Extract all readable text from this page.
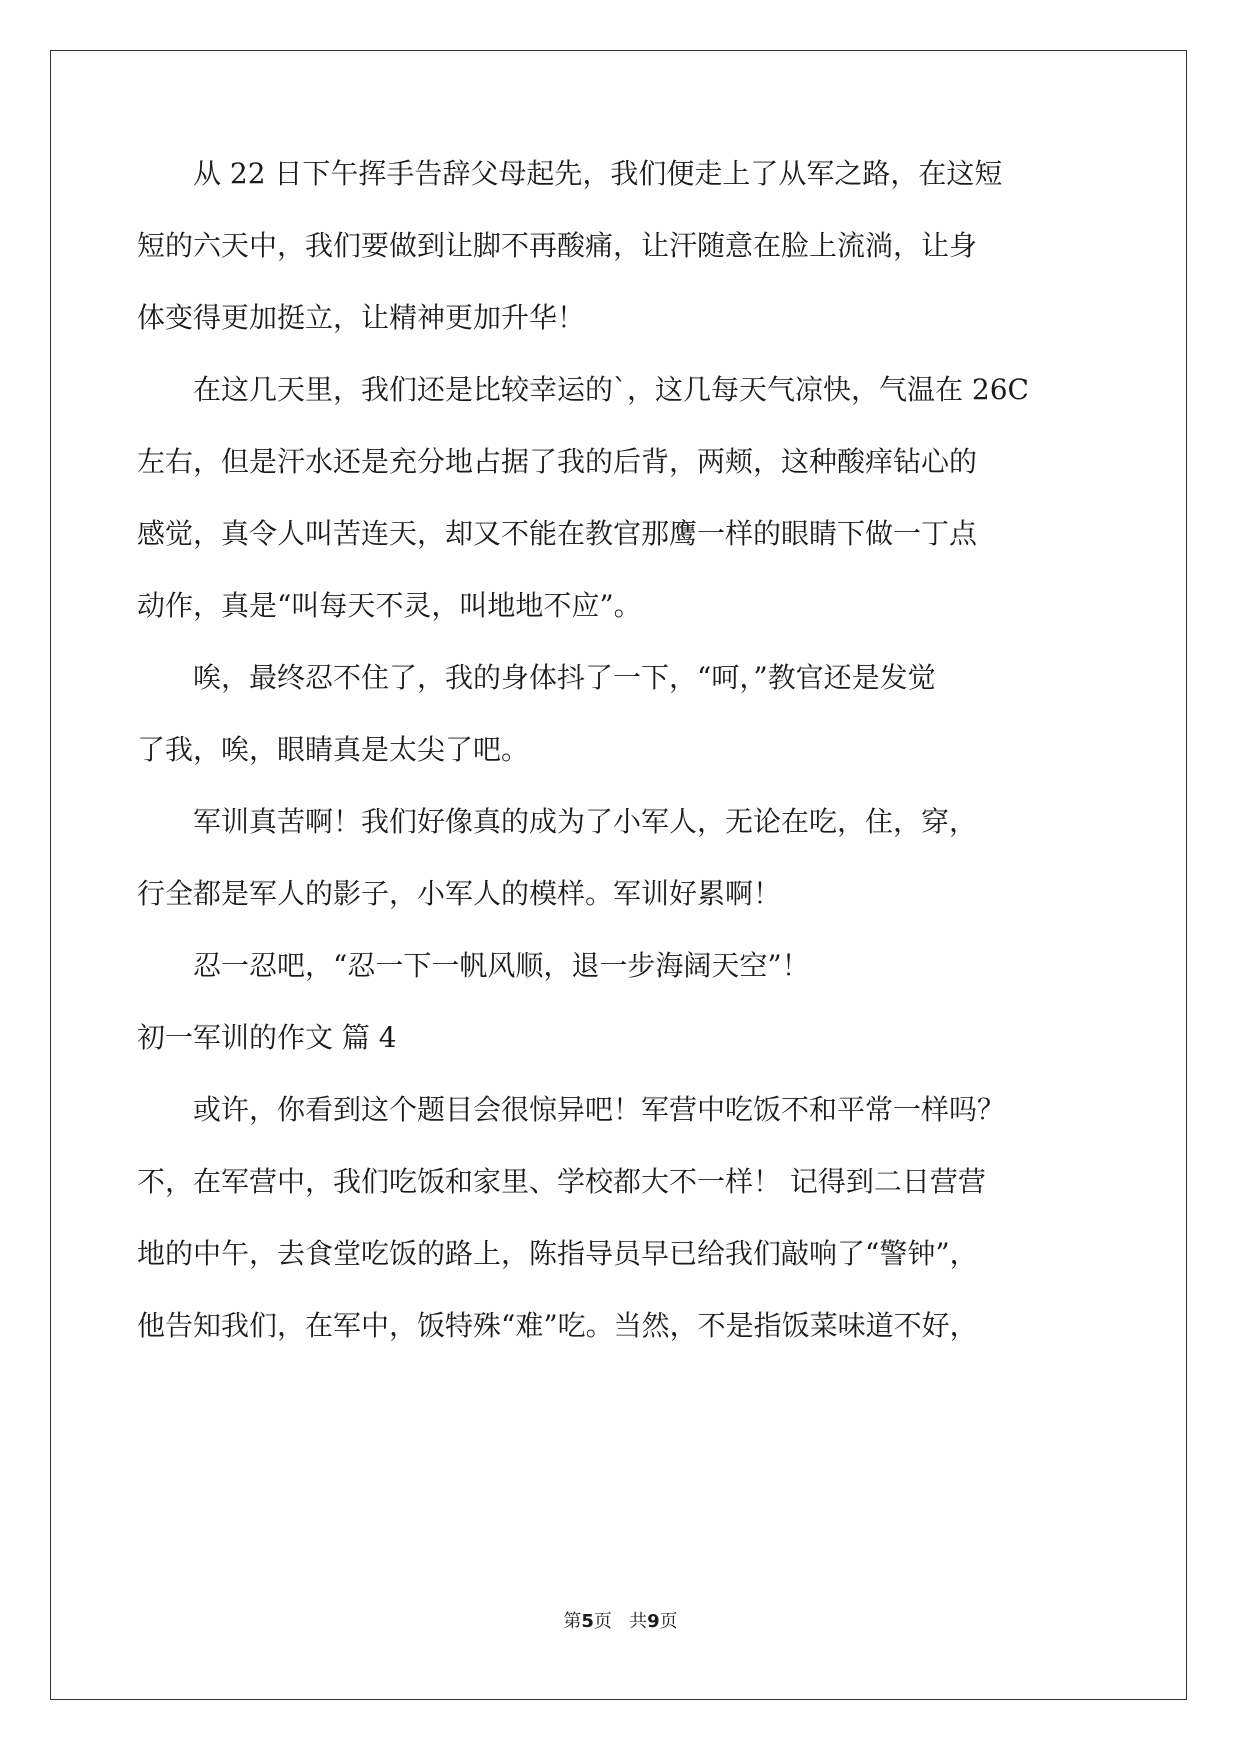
从 22 日下午挥手告辞父母起先，我们便走上了从军之路，在这短
短的六天中，我们要做到让脚不再酸痛，让汗随意在脸上流淌，让身
体变得更加挺立，让精神更加升华！
在这几天里，我们还是比较幸运的`，这几每天气凉快，气温在 26C
左右，但是汗水还是充分地占据了我的后背，两颊，这种酸痒钻心的
感觉，真令人叫苦连天，却又不能在教官那鹰一样的眼睛下做一丁点
动作，真是“叫每天不灵，叫地地不应”。
唉，最终忍不住了，我的身体抖了一下，“呵，”教官还是发觉
了我，唉，眼睛真是太尖了吧。
军训真苦啊！我们好像真的成为了小军人，无论在吃，住，穿，
行全都是军人的影子，小军人的模样。军训好累啊！
忍一忍吧，“忍一下一帆风顺，退一步海阔天空”！
初一军训的作文 篇 4
或许，你看到这个题目会很惊异吧！军营中吃饭不和平常一样吗？
不，在军营中，我们吃饭和家里、学校都大不一样！ 记得到二日营营
地的中午，去食堂吃饭的路上，陈指导员早已给我们敲响了“警钟”，
他告知我们，在军中，饭特殊“难”吃。当然，不是指饭菜味道不好，
第5页 共9页
